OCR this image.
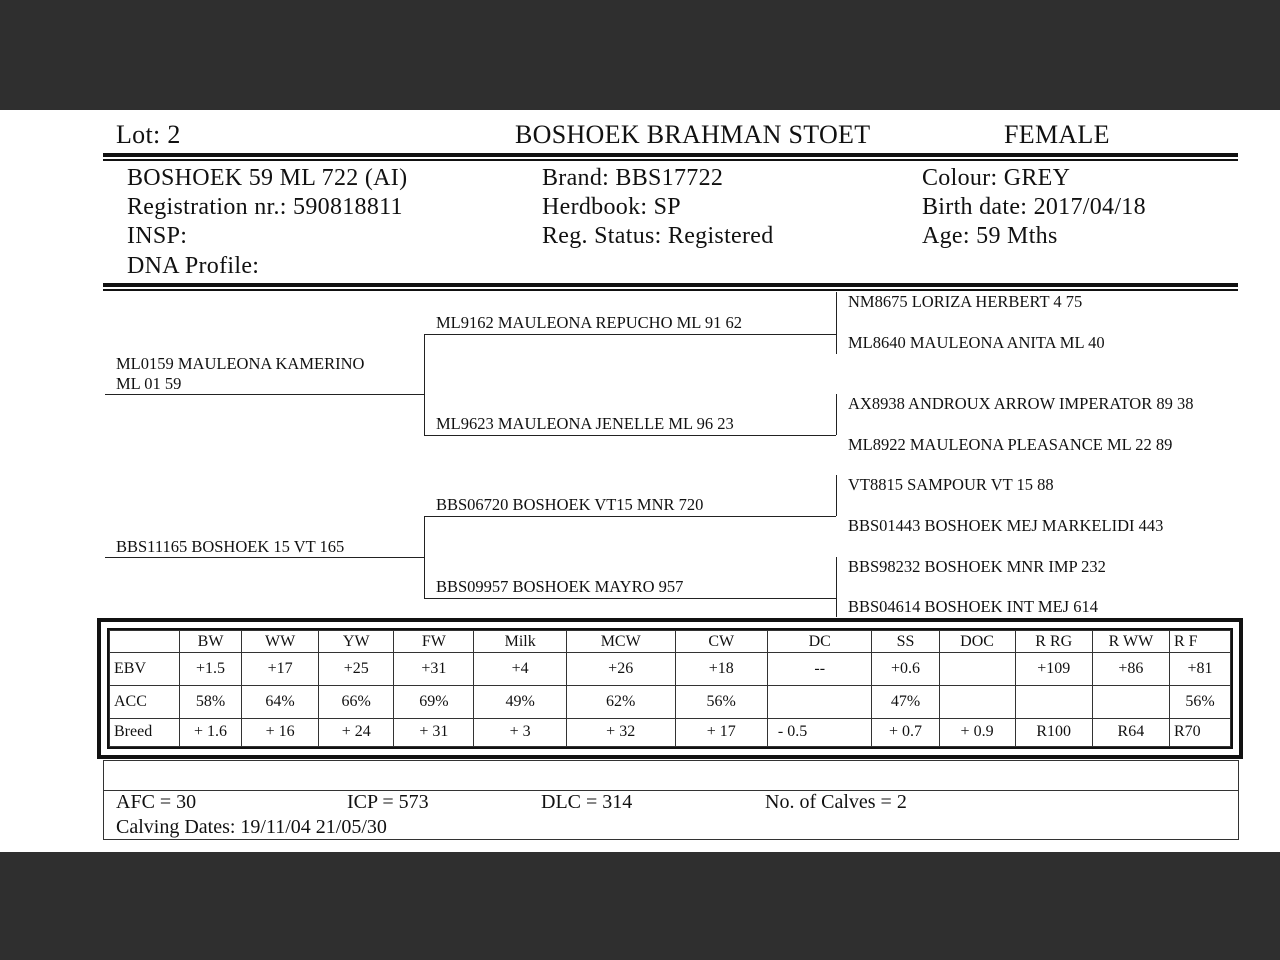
Lot: 2	BOSHOEK BRAHMAN STOET	FEMALE
BOSHOEK 59 ML 722 (AI)
Registration nr.: 590818811
INSP:
DNA Profile:
Brand: BBS17722
Herdbook: SP
Reg. Status: Registered
Colour: GREY
Birth date: 2017/04/18
Age: 59 Mths
ML0159 MAULEONA KAMERINO
ML 01 59
BBS11165 BOSHOEK 15 VT 165
ML9162 MAULEONA REPUCHO ML 91 62
ML9623 MAULEONA JENELLE ML 96 23
BBS06720 BOSHOEK VT15 MNR 720
BBS09957 BOSHOEK MAYRO 957
NM8675 LORIZA HERBERT 4 75
ML8640 MAULEONA ANITA ML 40
AX8938 ANDROUX ARROW IMPERATOR 89 38
ML8922 MAULEONA PLEASANCE ML 22 89
VT8815 SAMPOUR VT 15 88
BBS01443 BOSHOEK MEJ MARKELIDI 443
BBS98232 BOSHOEK MNR IMP 232
BBS04614 BOSHOEK INT MEJ 614
	BW	WW	YW	FW	Milk	MCW	CW	DC	SS	DOC	R RG	R WW	R F
EBV	+1.5	+17	+25	+31	+4	+26	+18	--	+0.6		+109	+86	+81
ACC	58%	64%	66%	69%	49%	62%	56%		47%				56%
Breed	+ 1.6	+ 16	+ 24	+ 31	+ 3	+ 32	+ 17	- 0.5	+ 0.7	+ 0.9	R100	R64	R70
AFC = 30	ICP = 573	DLC = 314	No. of Calves = 2
Calving Dates: 19/11/04 21/05/30
